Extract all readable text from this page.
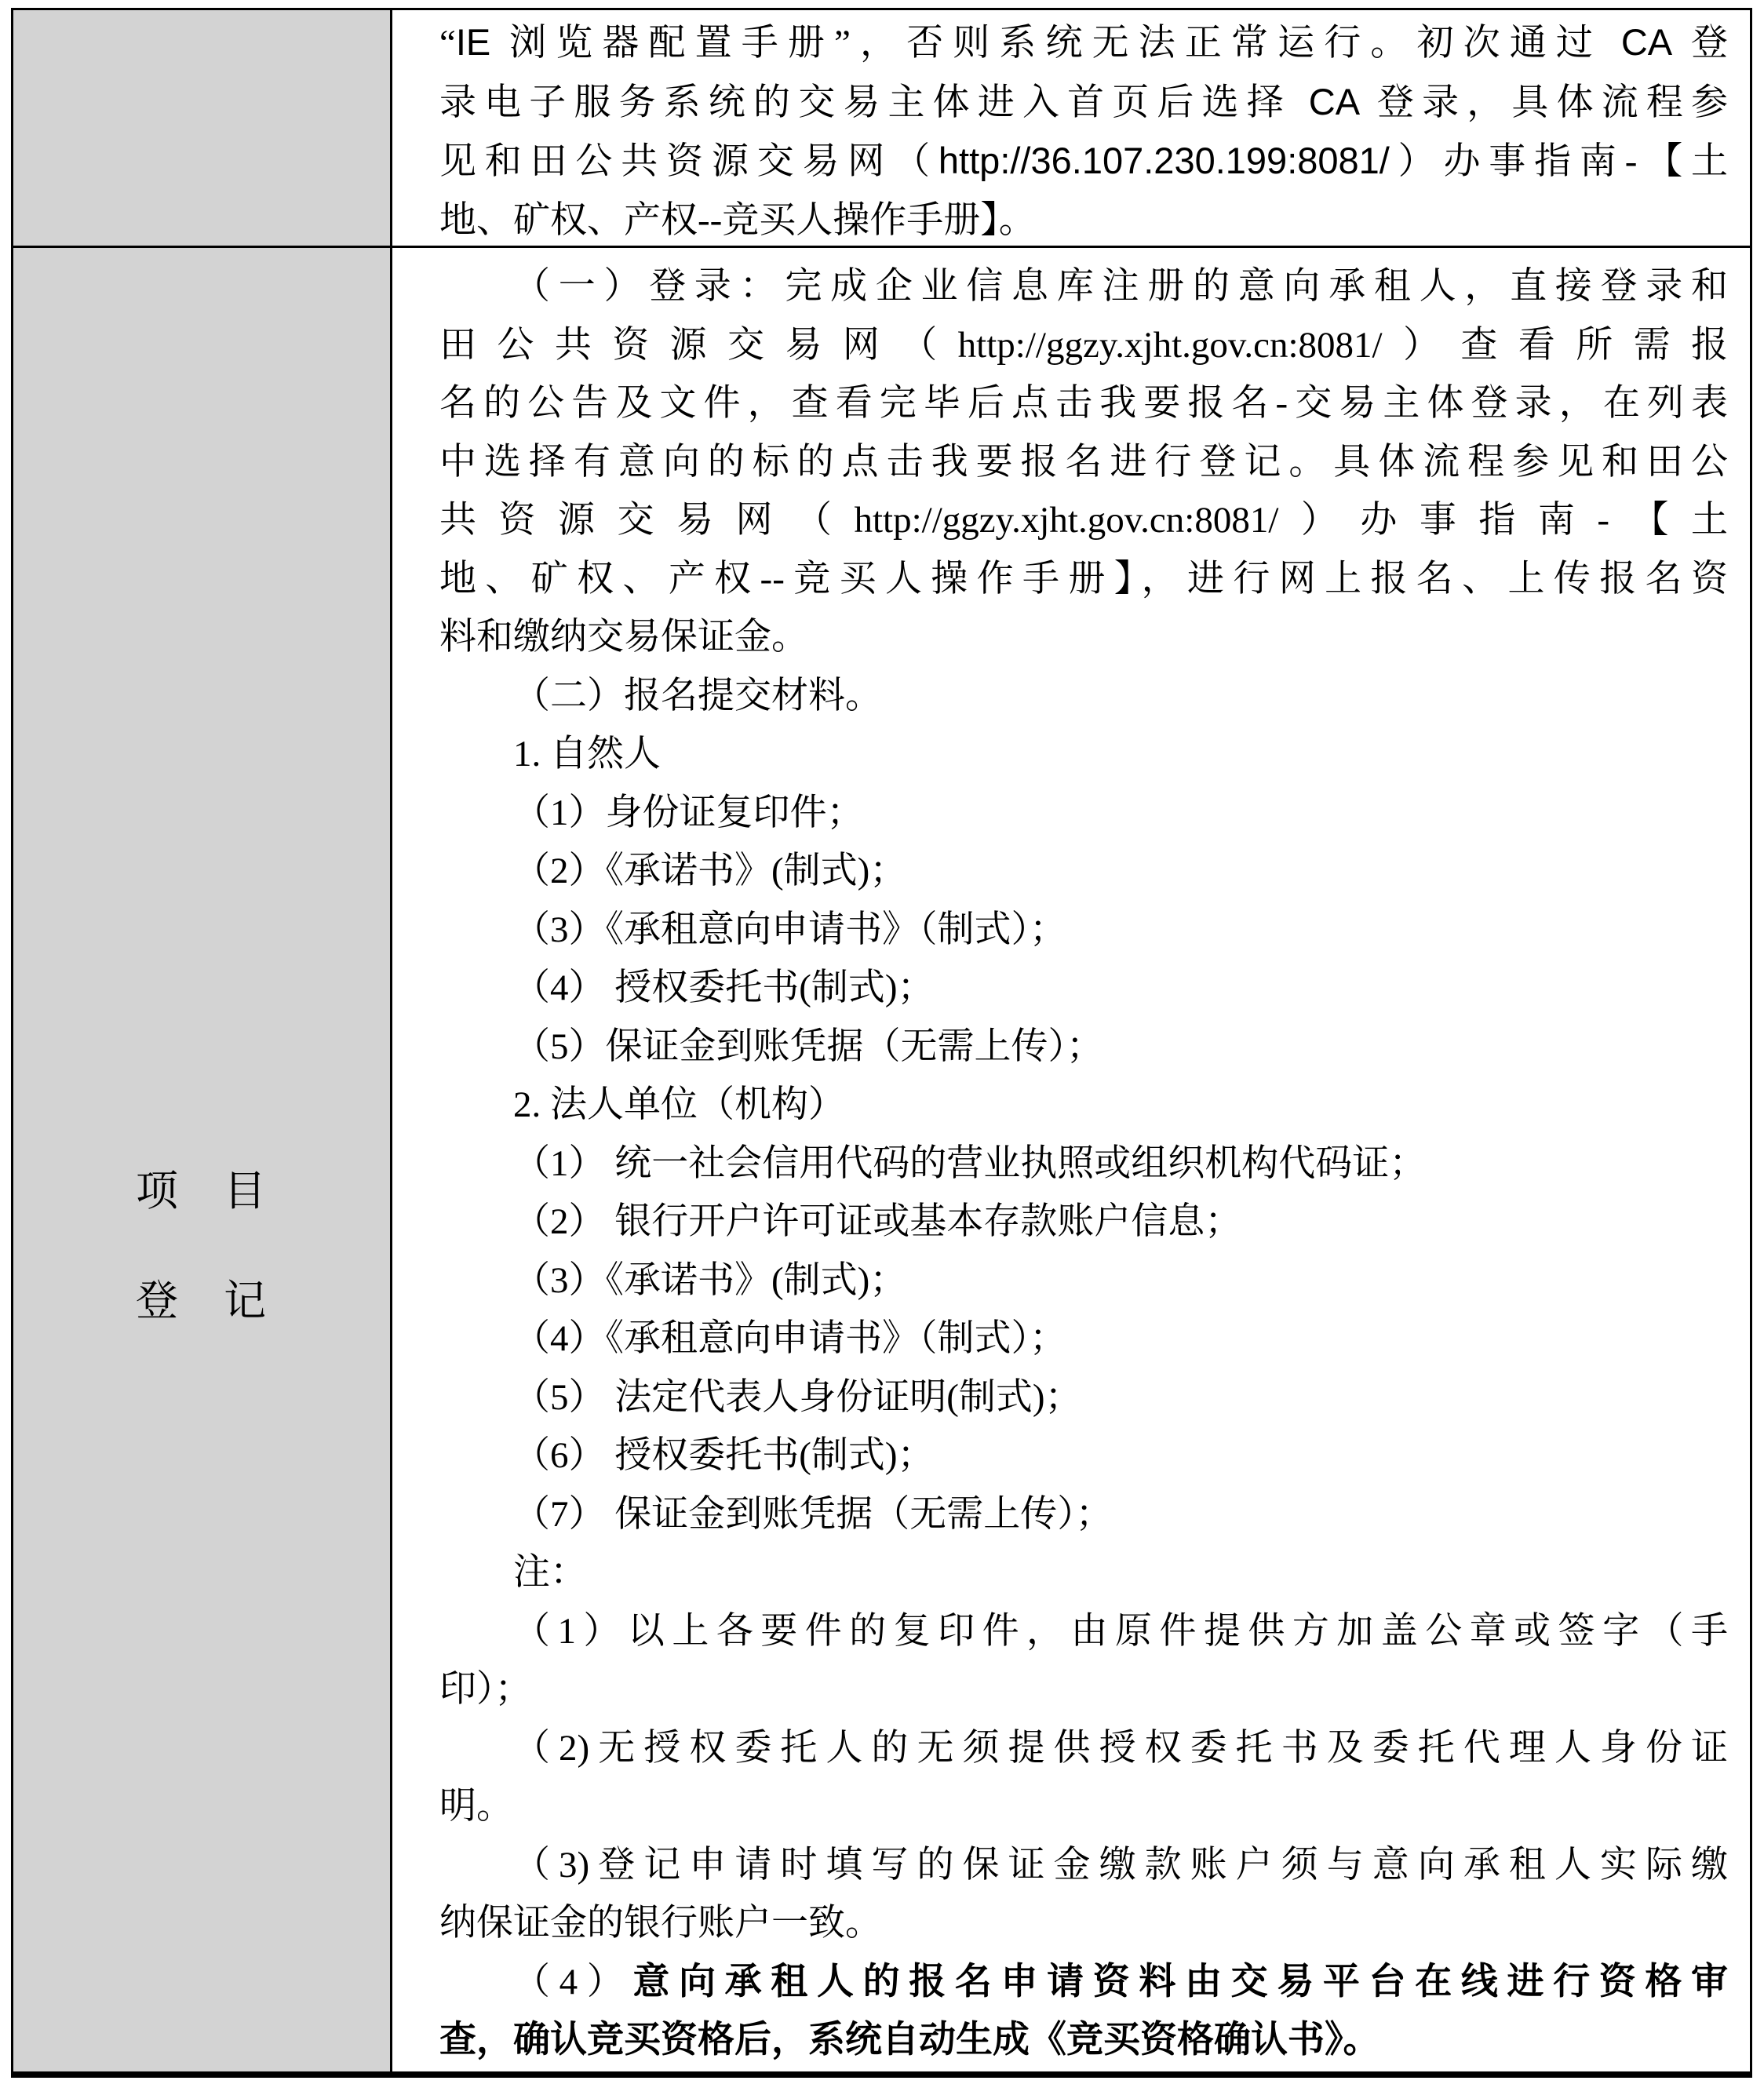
“IE 浏览器配置手册”，否则系统无法正常运行。初次通过 CA 登
录电子服务系统的交易主体进入首页后选择 CA 登录，具体流程参
见和田公共资源交易网（http://36.107.230.199:8081/）办事指南-【土
地、矿权、产权--竞买人操作手册】。
项　目
登　记
（一）登录：完成企业信息库注册的意向承租人，直接登录和
田公共资源交易网（http://ggzy.xjht.gov.cn:8081/）查看所需报
名的公告及文件，查看完毕后点击我要报名-交易主体登录，在列表
中选择有意向的标的点击我要报名进行登记。具体流程参见和田公
共资源交易网（http://ggzy.xjht.gov.cn:8081/）办事指南-【土
地、矿权、产权--竞买人操作手册】，进行网上报名、上传报名资
料和缴纳交易保证金。
（二）报名提交材料。
1. 自然人
（1）身份证复印件；
（2）《承诺书》(制式)；
（3）《承租意向申请书》（制式）；
（4） 授权委托书(制式)；
（5）保证金到账凭据（无需上传）；
2. 法人单位（机构）
（1） 统一社会信用代码的营业执照或组织机构代码证；
（2） 银行开户许可证或基本存款账户信息；
（3）《承诺书》(制式)；
（4）《承租意向申请书》（制式）；
（5） 法定代表人身份证明(制式)；
（6） 授权委托书(制式)；
（7） 保证金到账凭据（无需上传）；
注：
（1）以上各要件的复印件，由原件提供方加盖公章或签字（手
印）；
（2)无授权委托人的无须提供授权委托书及委托代理人身份证
明。
（3)登记申请时填写的保证金缴款账户须与意向承租人实际缴
纳保证金的银行账户一致。
（4）意向承租人的报名申请资料由交易平台在线进行资格审
查，确认竞买资格后，系统自动生成《竞买资格确认书》。
